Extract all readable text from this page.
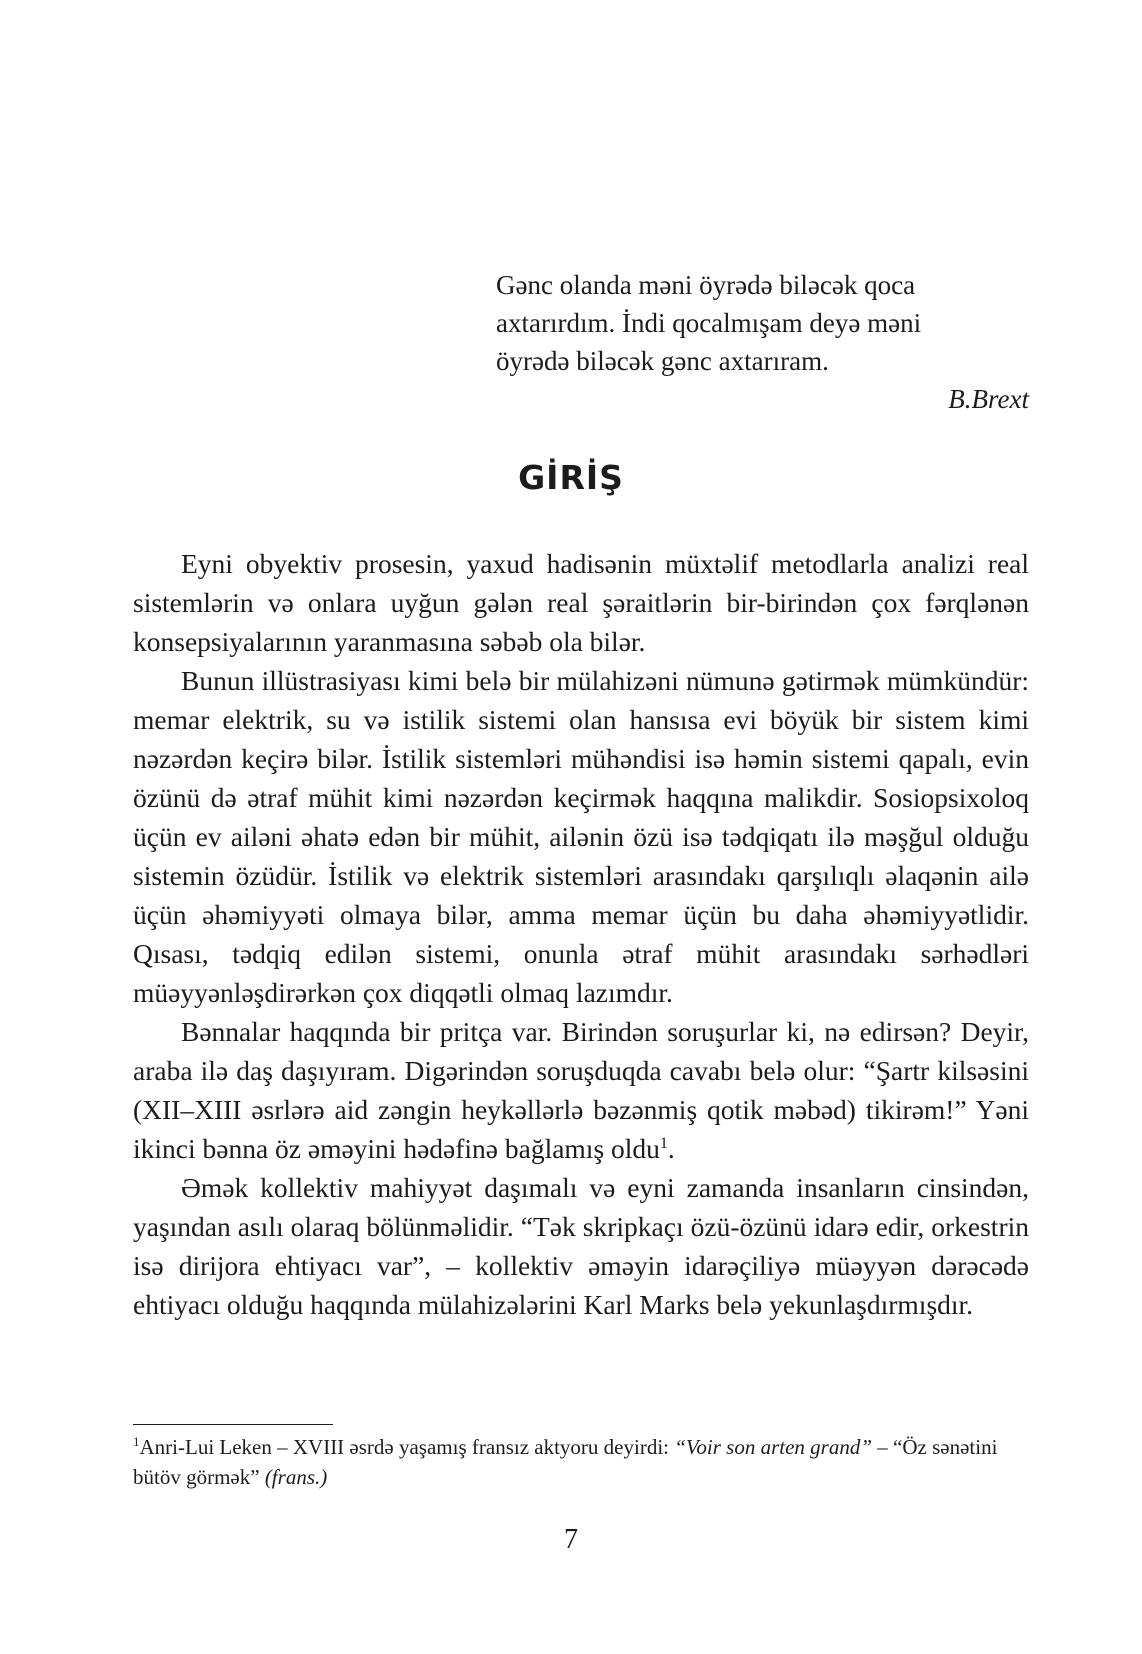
Gənc olanda məni öyrədə biləcək qoca
axtarırdım. İndi qocalmışam deyə məni
öyrədə biləcək gənc axtarıram.

B.Brext

GİRİŞ

Eyni obyektiv prosesin, yaxud hadisənin müxtəlif metodlarla analizi real sistemlərin və onlara uyğun gələn real şəraitlərin bir-birindən çox fərqlənən konsepsiyalarının yaranmasına səbəb ola bilər.

Bunun illüstrasiyası kimi belə bir mülahizəni nümunə gətirmək mümkündür: memar elektrik, su və istilik sistemi olan hansısa evi böyük bir sistem kimi nəzərdən keçirə bilər. İstilik sistemləri mühəndisi isə həmin sistemi qapalı, evin özünü də ətraf mühit kimi nəzərdən keçirmək haqqına malikdir. Sosiopsixoloq üçün ev ailəni əhatə edən bir mühit, ailənin özü isə tədqiqatı ilə məşğul olduğu sistemin özüdür. İstilik və elektrik sistemləri arasındakı qarşılıqlı əlaqənin ailə üçün əhəmiyyəti olmaya bilər, amma memar üçün bu daha əhəmiyyətlidir. Qısası, tədqiq edilən sistemi, onunla ətraf mühit arasındakı sərhədləri müəyyənləşdirərkən çox diqqətli olmaq lazımdır.

Bənnalar haqqında bir pritça var. Birindən soruşurlar ki, nə edirsən? Deyir, araba ilə daş daşıyıram. Digərindən soruşduqda cavabı belə olur: “Şartr kilsəsini (XII–XIII əsrlərə aid zəngin heykəllərlə bəzənmiş qotik məbəd) tikirəm!” Yəni ikinci bənna öz əməyini hədəfinə bağlamış oldu$^1$.

Əmək kollektiv mahiyyət daşımalı və eyni zamanda insanların cinsindən, yaşından asılı olaraq bölünməlidir. “Tək skripkaçı özü-özünü idarə edir, orkestrin isə dirijora ehtiyacı var”, – kollektiv əməyin idarəçiliyə müəyyən dərəcədə ehtiyacı olduğu haqqında mülahizələrini Karl Marks belə yekunlaşdırmışdır.

$^1$Anri-Lui Leken – XVIII əsrdə yaşamış fransız aktyoru deyirdi: “Voir son arten grand” – “Öz sənətini bütöv görmək” (frans.)

7
